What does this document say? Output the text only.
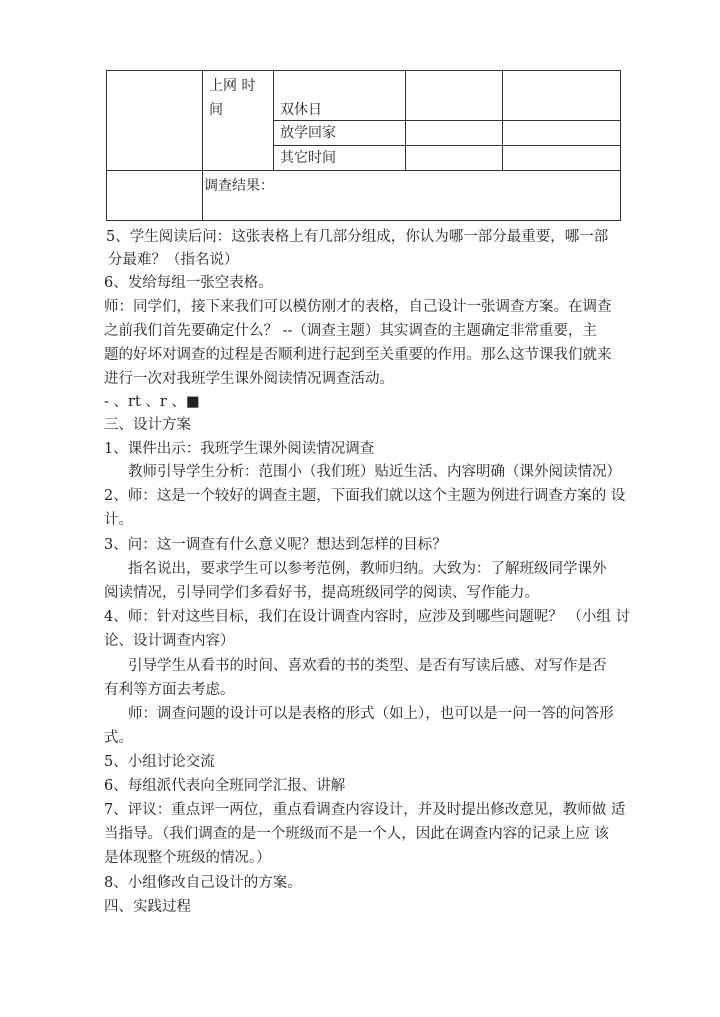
上网 时
间	双休日
放学回家
其它时间
调查结果：
5、学生阅读后问：这张表格上有几部分组成，你认为哪一部分最重要，哪一部
分最难？（指名说）
6、发给每组一张空表格。
师：同学们，接下来我们可以模仿刚才的表格，自己设计一张调查方案。在调查
之前我们首先要确定什么？ --（调查主题）其实调查的主题确定非常重要，主
题的好坏对调查的过程是否顺利进行起到至关重要的作用。那么这节课我们就来
进行一次对我班学生课外阅读情况调查活动。
- 、rt 、r 、■
三、设计方案
1、课件出示：我班学生课外阅读情况调查
教师引导学生分析：范围小（我们班）贴近生活、内容明确（课外阅读情况）
2、师：这是一个较好的调查主题，下面我们就以这个主题为例进行调查方案的 设
计。
3、问：这一调查有什么意义呢？想达到怎样的目标？
指名说出，要求学生可以参考范例，教师归纳。大致为：了解班级同学课外
阅读情况，引导同学们多看好书，提高班级同学的阅读、写作能力。
4、师：针对这些目标，我们在设计调查内容时，应涉及到哪些问题呢？ （小组 讨
论、设计调查内容）
引导学生从看书的时间、喜欢看的书的类型、是否有写读后感、对写作是否
有利等方面去考虑。
师：调查问题的设计可以是表格的形式（如上），也可以是一问一答的问答形
式。
5、小组讨论交流
6、每组派代表向全班同学汇报、讲解
7、评议：重点评一两位，重点看调查内容设计，并及时提出修改意见，教师做 适
当指导。（我们调查的是一个班级而不是一个人，因此在调查内容的记录上应 该
是体现整个班级的情况。）
8、小组修改自己设计的方案。
四、实践过程
